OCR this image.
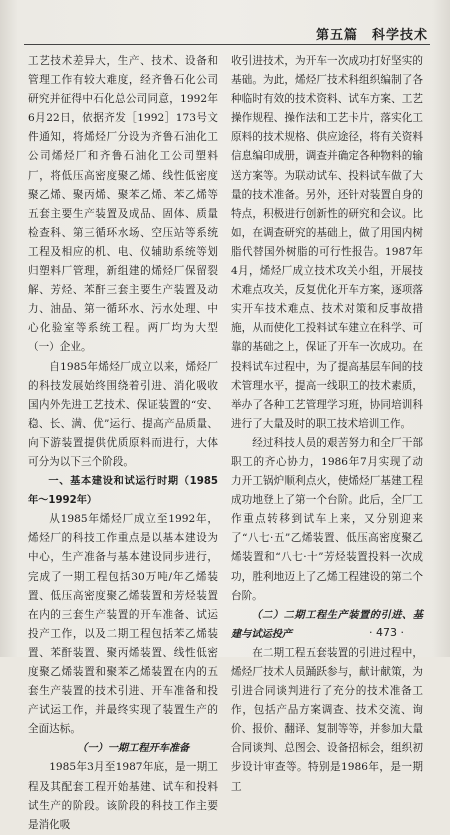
第五篇　科学技术

工艺技术差异大，生产、技术、设备和管理工作有较大难度，经齐鲁石化公司研究并征得中石化总公司同意，1992年6月22日，依据齐发［1992］173号文件通知，将烯烃厂分设为齐鲁石油化工公司烯烃厂和齐鲁石油化工公司塑料厂，将低压高密度聚乙烯、线性低密度聚乙烯、聚丙烯、聚苯乙烯、苯乙烯等五套主要生产装置及成品、固体、质量检查科、第三循环水场、空压站等系统工程及相应的机、电、仪辅助系统等划归塑料厂管理，新组建的烯烃厂保留裂解、芳烃、苯酐三套主要生产装置及动力、油品、第一循环水、污水处理、中心化验室等系统工程。两厂均为大型（一）企业。

自1985年烯烃厂成立以来，烯烃厂的科技发展始终围绕着引进、消化吸收国内外先进工艺技术、保证装置的“安、稳、长、满、优”运行、提高产品质量、向下游装置提供优质原料而进行，大体可分为以下三个阶段。

一、基本建设和试运行时期（1985年～1992年）

从1985年烯烃厂成立至1992年，烯烃厂的科技工作重点是以基本建设为中心，生产准备与基本建设同步进行，完成了一期工程包括30万吨/年乙烯装置、低压高密度聚乙烯装置和芳烃装置在内的三套生产装置的开车准备、试运投产工作，以及二期工程包括苯乙烯装置、苯酐装置、聚丙烯装置、线性低密度聚乙烯装置和聚苯乙烯装置在内的五套生产装置的技术引进、开车准备和投产试运工作，并最终实现了装置生产的全面达标。

（一）一期工程开车准备

1985年3月至1987年底，是一期工程及其配套工程开始基建、试车和投料试生产的阶段。该阶段的科技工作主要是消化吸

收引进技术，为开车一次成功打好坚实的基础。为此，烯烃厂技术科组织编制了各种临时有效的技术资料、试车方案、工艺操作规程、操作法和工艺卡片，落实化工原料的技术规格、供应途径，将有关资料信息编印成册，调查并确定各种物料的输送方案等。为联动试车、投料试车做了大量的技术准备。另外，还针对装置自身的特点，积极进行创新性的研究和会议。比如，在调查研究的基础上，做了用国内树脂代替国外树脂的可行性报告。1987年4月，烯烃厂成立技术攻关小组，开展技术难点攻关，反复优化开车方案，逐项落实开车技术难点、技术对策和反事故措施，从而使化工投料试车建立在科学、可靠的基础之上，保证了开车一次成功。在投料试车过程中，为了提高基层车间的技术管理水平，提高一线职工的技术素质，举办了各种工艺管理学习班，协同培训科进行了大量及时的职工技术培训工作。

经过科技人员的艰苦努力和全厂干部职工的齐心协力，1986年7月实现了动力开工锅炉顺利点火，使烯烃厂基建工程成功地登上了第一个台阶。此后，全厂工作重点转移到试车上来，又分别迎来了“八七·五”乙烯装置、低压高密度聚乙烯装置和“八七·十”芳烃装置投料一次成功，胜利地迈上了乙烯工程建设的第二个台阶。

（二）二期工程生产装置的引进、基建与试运投产

在二期工程五套装置的引进过程中，烯烃厂技术人员踊跃参与，献计献策，为引进合同谈判进行了充分的技术准备工作，包括产品方案调查、技术交流、询价、报价、翻译、复制等等，并参加大量合同谈判、总图会、设备招标会，组织初步设计审查等。特别是1986年，是一期工

· 473 ·
